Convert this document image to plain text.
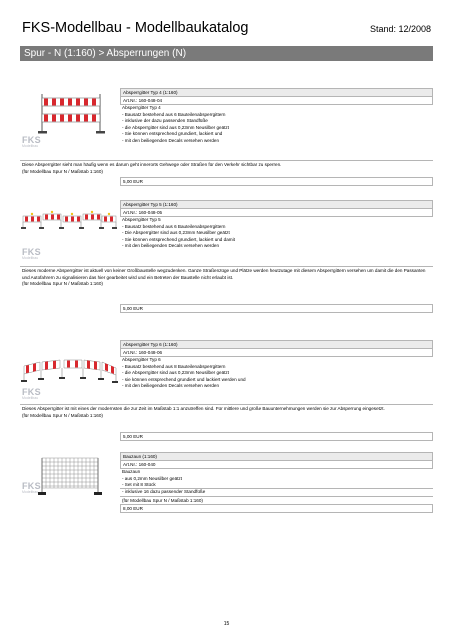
FKS-Modellbau - Modellbaukatalog	Stand: 12/2008
Spur - N (1:160) > Absperrungen (N)
FKS
Modellbau
Absperrgitter Typ 4 (1:160)
Art.Nr.: 160-048-04
Absperrgitter Typ 4
- Bausatz bestehend aus 6 Bauteilenabsperrgittern
- inklusive der dazu passenden Standfüße
- die Absperrgitter sind aus 0,23mm Neusilber geätzt
- Sie können entsprechend grundiert, lackiert und
- mit den beiliegenden Decals versehen werden
Diese Absperrgitter sieht man häufig wenn es darum geht innerorts Gehwege oder Straßen für den Verkehr sichtbar zu sperren.
(für Modellbau Spur N / Maßstab 1:160)
5,00 EUR
FKS
Modellbau
Absperrgitter Typ 5 (1:160)
Art.Nr.: 160-048-05
Absperrgitter Typ 5
- Bausatz bestehend aus 6 Bauteilenabsperrgittern
- Die Absperrgitter sind aus 0,23mm Neusilber geätzt
- Sie können entsprechend grundiert, lackiert und damit
- mit den beiliegenden Decals versehen werden
Dieses moderne Absperrgitter ist aktuell von keiner Großbaustelle wegzudenken. Ganze Straßenzüge und Plätze werden heutzutage mit diesem Absperrgittern versehen um damit die den Passanten und Autofahrern zu signalisieren das hier gearbeitet wird und ein Betreten der Baustelle nicht erlaubt ist.
(für Modellbau Spur N / Maßstab 1:160)
5,00 EUR
FKS
Modellbau
Absperrgitter Typ 6 (1:160)
Art.Nr.: 160-048-06
Absperrgitter Typ 6
- Bausatz bestehend aus 8 Bauteilenabsperrgittern
- die Absperrgitter sind aus 0,23mm Neusilber geätzt
- sie können entsprechend grundiert und lackiert werden und
- mit den beiliegenden Decals versehen werden
Dieses Absperrgitter ist mit eines der modernsten die zur Zeit im Maßstab 1:1 anzutreffen sind. Für mittlere und große Bauunternehmungen werden sie zur Absperrung eingesetzt.
(für Modellbau Spur N / Maßstab 1:160)
5,00 EUR
FKS
Modellbau
Bauzaun (1:160)
Art.Nr.: 160-040
Bauzaun
- aus 0,2mm Neusilber geätzt
- Set mit 8 Stück
- inklusive 16 dazu passender Standfüße
(für Modellbau Spur N / Maßstab 1:160)
8,00 EUR
15
